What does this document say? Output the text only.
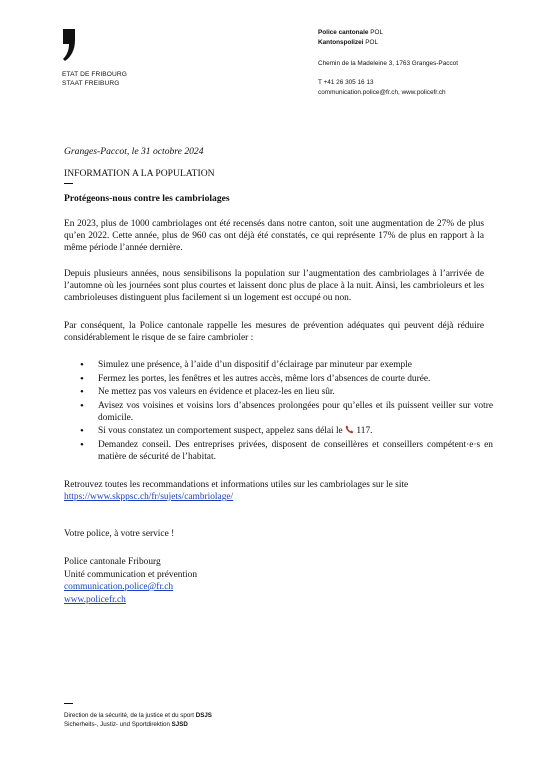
ETAT DE FRIBOURG
STAAT FREIBURG
Police cantonale POL
Kantonspolizei POL
Chemin de la Madeleine 3, 1763 Granges-Paccot
T +41 26 305 16 13
communication.police@fr.ch, www.policefr.ch
Granges-Paccot, le 31 octobre 2024
INFORMATION A LA POPULATION
Protégeons-nous contre les cambriolages
En 2023, plus de 1000 cambriolages ont été recensés dans notre canton, soit une augmentation de 27% de plus qu’en 2022. Cette année, plus de 960 cas ont déjà été constatés, ce qui représente 17% de plus en rapport à la même période l’année dernière.
Depuis plusieurs années, nous sensibilisons la population sur l’augmentation des cambriolages à l’arrivée de l’automne où les journées sont plus courtes et laissent donc plus de place à la nuit. Ainsi, les cambrioleurs et les cambrioleuses distinguent plus facilement si un logement est occupé ou non.
Par conséquent, la Police cantonale rappelle les mesures de prévention adéquates qui peuvent déjà réduire considérablement le risque de se faire cambrioler :
• Simulez une présence, à l’aide d’un dispositif d’éclairage par minuteur par exemple
• Fermez les portes, les fenêtres et les autres accès, même lors d’absences de courte durée.
• Ne mettez pas vos valeurs en évidence et placez-les en lieu sûr.
• Avisez vos voisines et voisins lors d’absences prolongées pour qu’elles et ils puissent veiller sur votre domicile.
• Si vous constatez un comportement suspect, appelez sans délai le 117.
• Demandez conseil. Des entreprises privées, disposent de conseillères et conseillers compétent·e·s en matière de sécurité de l’habitat.
Retrouvez toutes les recommandations et informations utiles sur les cambriolages sur le site
https://www.skppsc.ch/fr/sujets/cambriolage/
Votre police, à votre service !
Police cantonale Fribourg
Unité communication et prévention
communication.police@fr.ch
www.policefr.ch
Direction de la sécurité, de la justice et du sport DSJS
Sicherheits-, Justiz- und Sportdirektion SJSD
